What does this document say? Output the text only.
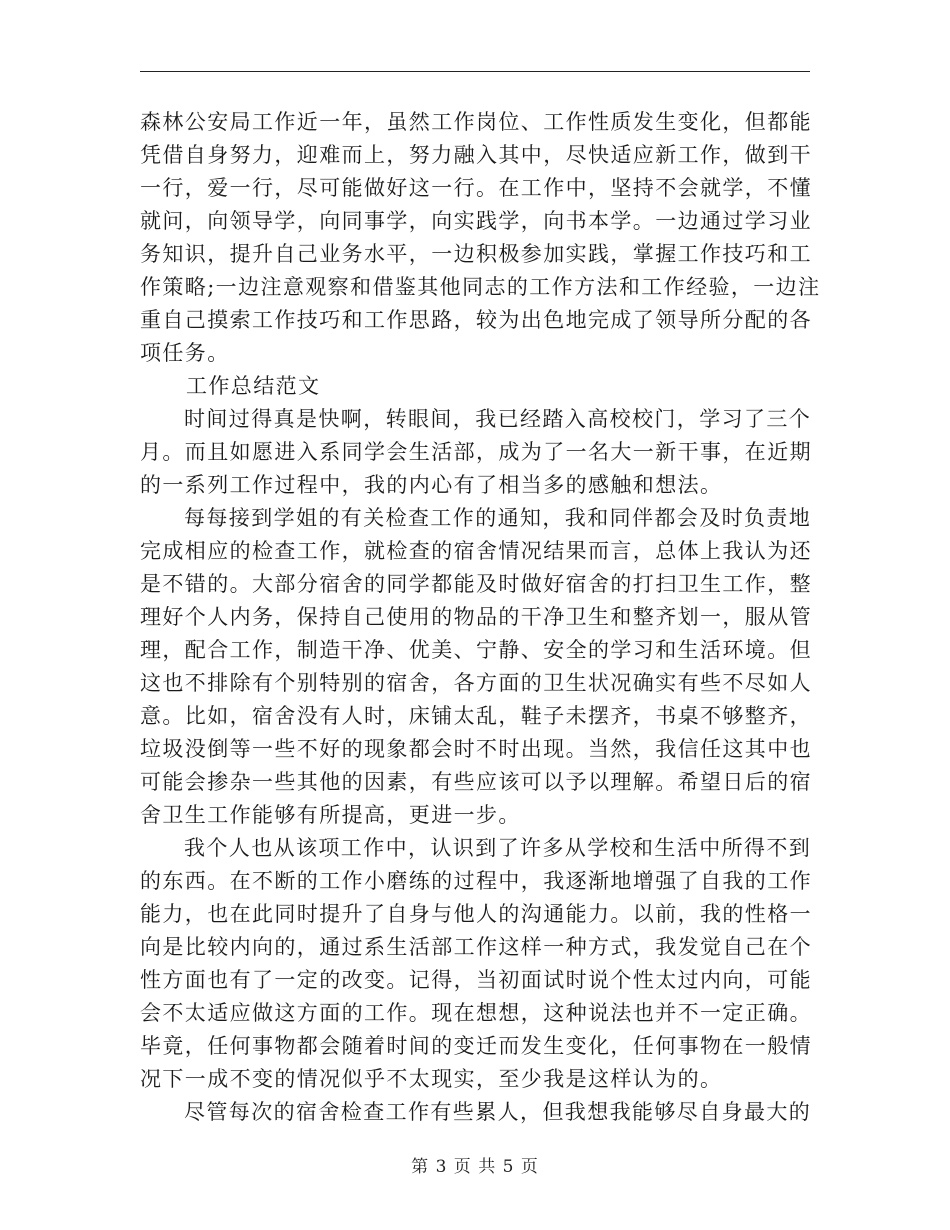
森林公安局工作近一年，虽然工作岗位、工作性质发生变化，但都能
凭借自身努力，迎难而上，努力融入其中，尽快适应新工作，做到干
一行，爱一行，尽可能做好这一行。在工作中，坚持不会就学，不懂
就问，向领导学，向同事学，向实践学，向书本学。一边通过学习业
务知识，提升自己业务水平，一边积极参加实践，掌握工作技巧和工
作策略;一边注意观察和借鉴其他同志的工作方法和工作经验，一边注
重自己摸索工作技巧和工作思路，较为出色地完成了领导所分配的各
项任务。

工作总结范文

时间过得真是快啊，转眼间，我已经踏入高校校门，学习了三个
月。而且如愿进入系同学会生活部，成为了一名大一新干事，在近期
的一系列工作过程中，我的内心有了相当多的感触和想法。

每每接到学姐的有关检查工作的通知，我和同伴都会及时负责地
完成相应的检查工作，就检查的宿舍情况结果而言，总体上我认为还
是不错的。大部分宿舍的同学都能及时做好宿舍的打扫卫生工作，整
理好个人内务，保持自己使用的物品的干净卫生和整齐划一，服从管
理，配合工作，制造干净、优美、宁静、安全的学习和生活环境。但
这也不排除有个别特别的宿舍，各方面的卫生状况确实有些不尽如人
意。比如，宿舍没有人时，床铺太乱，鞋子未摆齐，书桌不够整齐，
垃圾没倒等一些不好的现象都会时不时出现。当然，我信任这其中也
可能会掺杂一些其他的因素，有些应该可以予以理解。希望日后的宿
舍卫生工作能够有所提高，更进一步。

我个人也从该项工作中，认识到了许多从学校和生活中所得不到
的东西。在不断的工作小磨练的过程中，我逐渐地增强了自我的工作
能力，也在此同时提升了自身与他人的沟通能力。以前，我的性格一
向是比较内向的，通过系生活部工作这样一种方式，我发觉自己在个
性方面也有了一定的改变。记得，当初面试时说个性太过内向，可能
会不太适应做这方面的工作。现在想想，这种说法也并不一定正确。
毕竟，任何事物都会随着时间的变迁而发生变化，任何事物在一般情
况下一成不变的情况似乎不太现实，至少我是这样认为的。

尽管每次的宿舍检查工作有些累人，但我想我能够尽自身最大的

第 3 页 共 5 页
